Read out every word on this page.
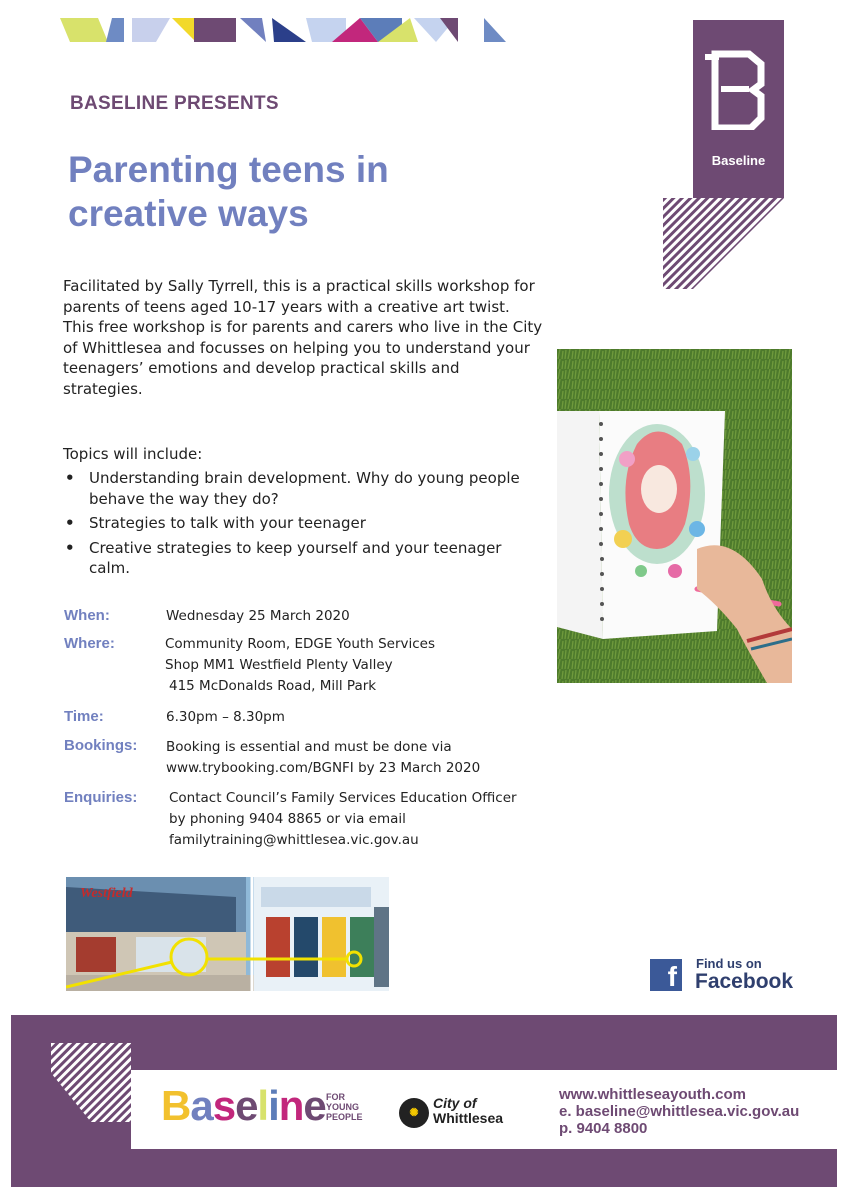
Baseline
BASELINE PRESENTS
Parenting teens in creative ways
Facilitated by Sally Tyrrell, this is a practical skills workshop for parents of teens aged 10-17 years with a creative art twist. This free workshop is for parents and carers who live in the City of Whittlesea and focusses on helping you to understand your teenagers’ emotions and develop practical skills and strategies.
Topics will include:
• Understanding brain development. Why do young people behave the way they do?
• Strategies to talk with your teenager
• Creative strategies to keep yourself and your teenager calm.
When:	Wednesday 25 March 2020
Where:	Community Room, EDGE Youth Services
Shop MM1 Westfield Plenty Valley
415 McDonalds Road, Mill Park
Time:	6.30pm – 8.30pm
Bookings: Booking is essential and must be done via
www.trybooking.com/BGNFI by 23 March 2020
Enquiries: Contact Council’s Family Services Education Officer
by phoning 9404 8865 or via email
familytraining@whittlesea.vic.gov.au
Westfield
f	Find us on
Facebook
Baseline FOR
YOUNG
PEOPLE	✺
City of
Whittlesea
www.whittleseayouth.com
e. baseline@whittlesea.vic.gov.au
p. 9404 8800
